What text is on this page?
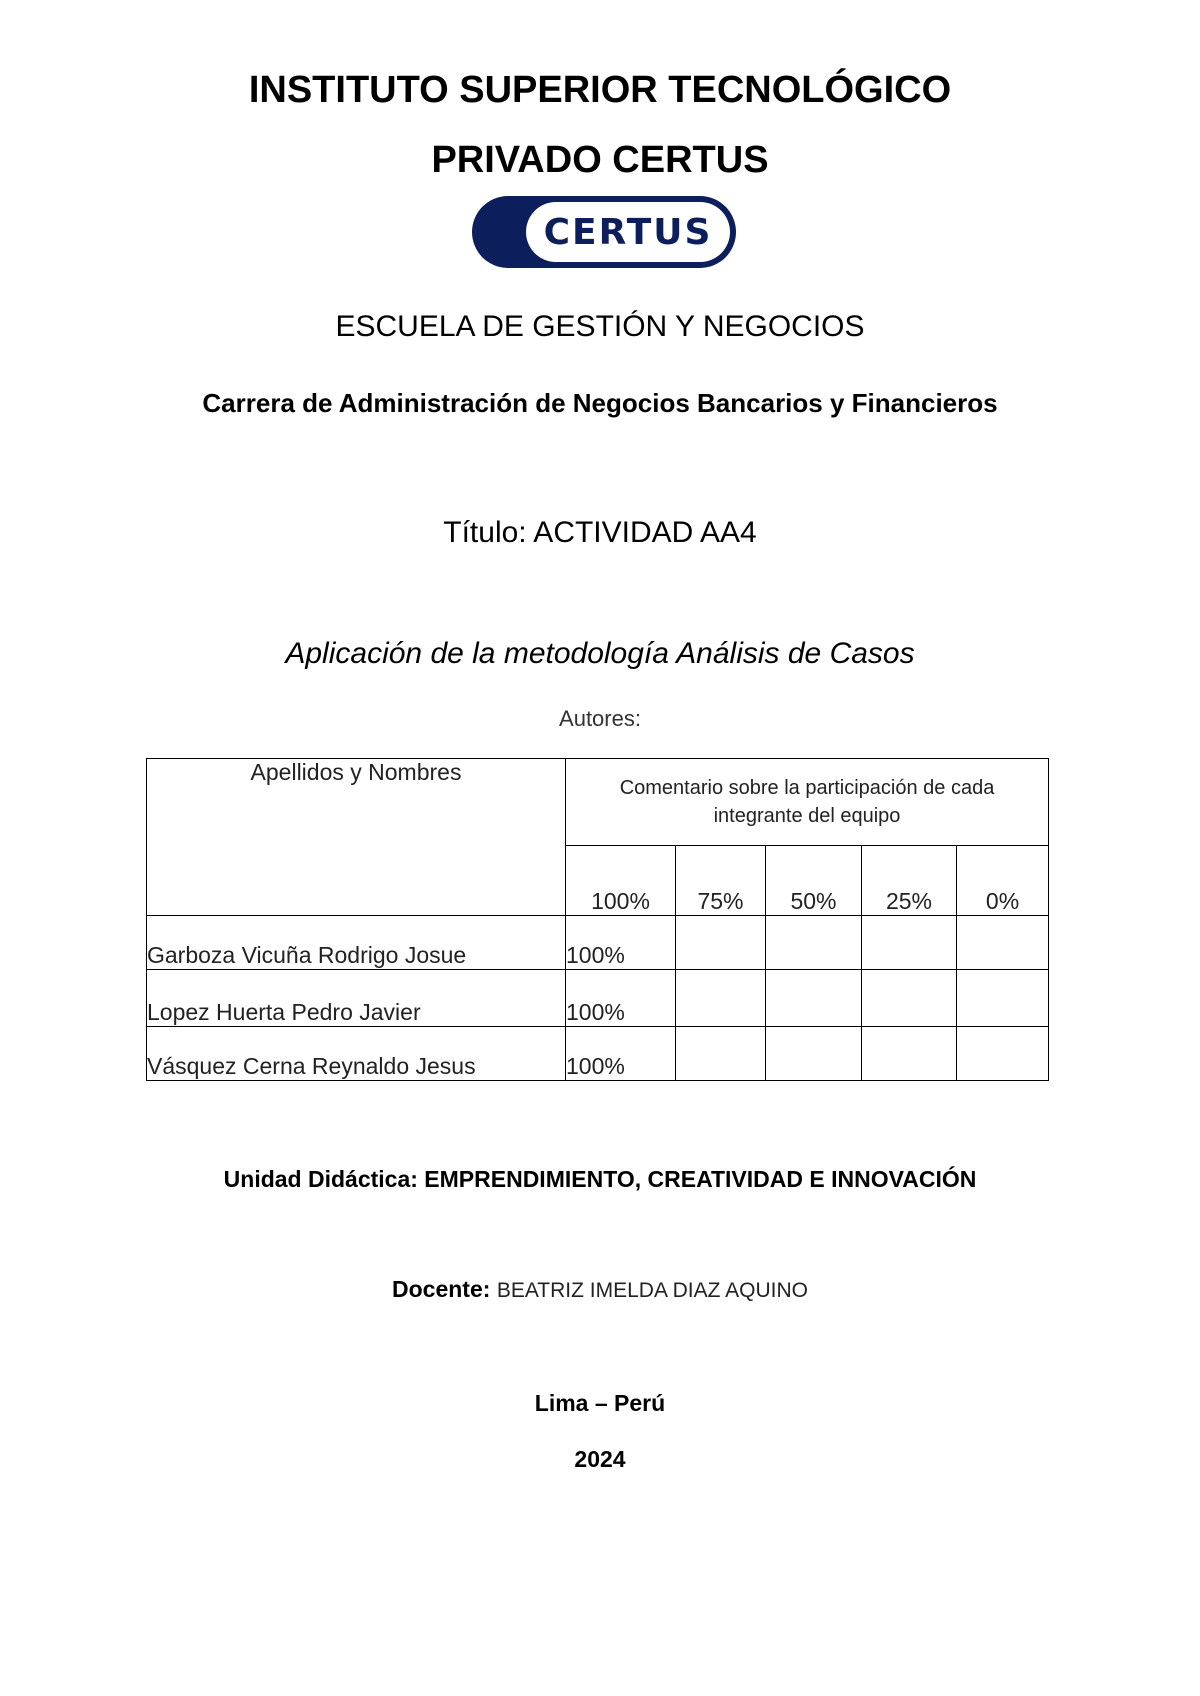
INSTITUTO SUPERIOR TECNOLÓGICO
PRIVADO CERTUS
CERTUS
ESCUELA DE GESTIÓN Y NEGOCIOS
Carrera de Administración de Negocios Bancarios y Financieros
Título: ACTIVIDAD AA4
Aplicación de la metodología Análisis de Casos
Autores:
Apellidos y Nombres	Comentario sobre la participación de cada integrante del equipo				

	100%	75%	50%	25%	0%
Garboza Vicuña Rodrigo Josue	100%				
Lopez Huerta Pedro Javier	100%				
Vásquez Cerna Reynaldo Jesus	100%				
Unidad Didáctica: EMPRENDIMIENTO, CREATIVIDAD E INNOVACIÓN
Docente: BEATRIZ IMELDA DIAZ AQUINO
Lima – Perú
2024
